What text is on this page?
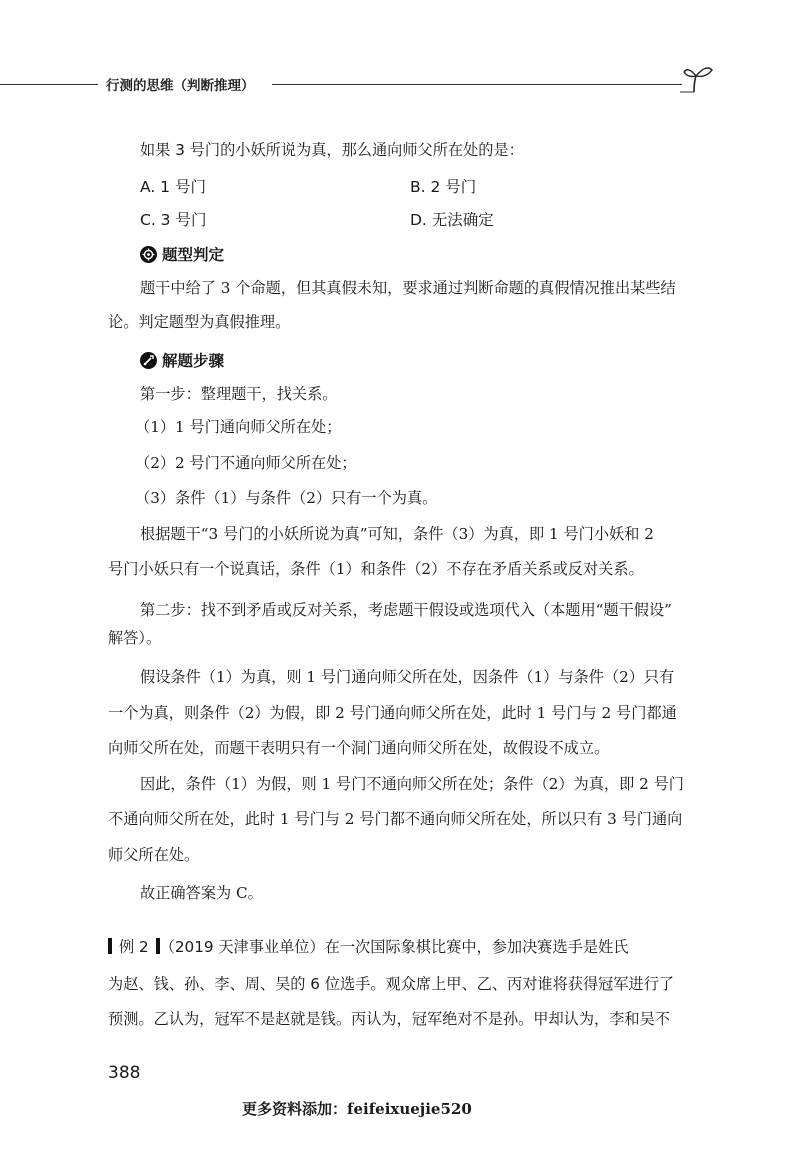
行测的思维（判断推理）
如果 3 号门的小妖所说为真，那么通向师父所在处的是：
A. 1 号门	B. 2 号门
C. 3 号门	D. 无法确定
题型判定
题干中给了 3 个命题，但其真假未知，要求通过判断命题的真假情况推出某些结
论。判定题型为真假推理。
解题步骤
第一步：整理题干，找关系。
（1）1 号门通向师父所在处；
（2）2 号门不通向师父所在处；
（3）条件（1）与条件（2）只有一个为真。
根据题干“3 号门的小妖所说为真”可知，条件（3）为真，即 1 号门小妖和 2
号门小妖只有一个说真话，条件（1）和条件（2）不存在矛盾关系或反对关系。
第二步：找不到矛盾或反对关系，考虑题干假设或选项代入（本题用“题干假设”
解答）。
假设条件（1）为真，则 1 号门通向师父所在处，因条件（1）与条件（2）只有
一个为真，则条件（2）为假，即 2 号门通向师父所在处，此时 1 号门与 2 号门都通
向师父所在处，而题干表明只有一个洞门通向师父所在处，故假设不成立。
因此，条件（1）为假，则 1 号门不通向师父所在处；条件（2）为真，即 2 号门
不通向师父所在处，此时 1 号门与 2 号门都不通向师父所在处，所以只有 3 号门通向
师父所在处。
故正确答案为 C。
例 2 （2019 天津事业单位）在一次国际象棋比赛中，参加决赛选手是姓氏
为赵、钱、孙、李、周、吴的 6 位选手。观众席上甲、乙、丙对谁将获得冠军进行了
预测。乙认为，冠军不是赵就是钱。丙认为，冠军绝对不是孙。甲却认为，李和吴不
388
更多资料添加：feifeixuejie520
